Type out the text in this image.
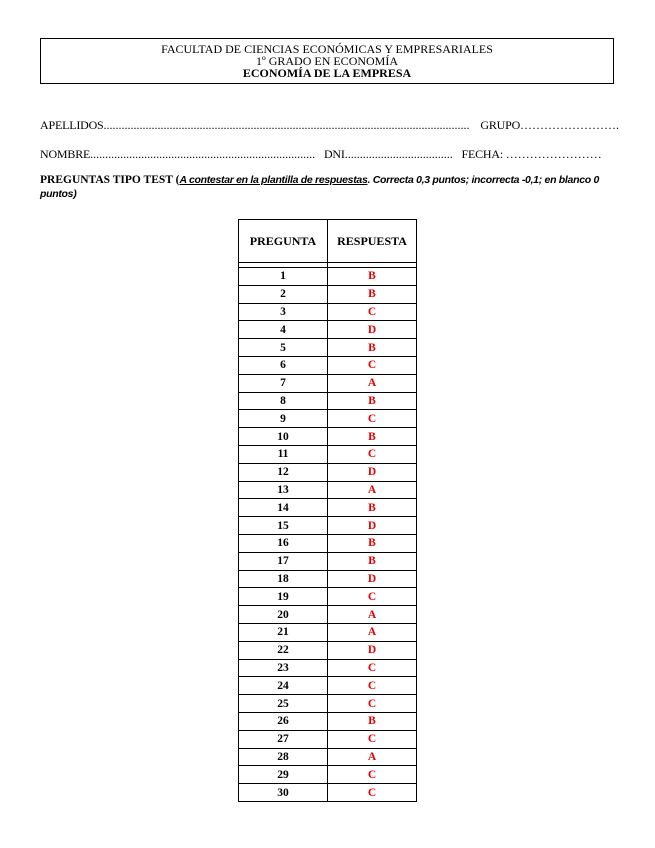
FACULTAD DE CIENCIAS ECONÓMICAS Y EMPRESARIALES
1º GRADO EN ECONOMÍA
ECONOMÍA DE LA EMPRESA
APELLIDOS.......................................................................................................................... GRUPO…………………….
NOMBRE........................................................................... DNI.................................... FECHA: ……………………
PREGUNTAS TIPO TEST (A contestar en la plantilla de respuestas. Correcta 0,3 puntos; incorrecta -0,1; en blanco 0 puntos)
PREGUNTA	RESPUESTA

1	B
2	B
3	C
4	D
5	B
6	C
7	A
8	B
9	C
10	B
11	C
12	D
13	A
14	B
15	D
16	B
17	B
18	D
19	C
20	A
21	A
22	D
23	C
24	C
25	C
26	B
27	C
28	A
29	C
30	C
